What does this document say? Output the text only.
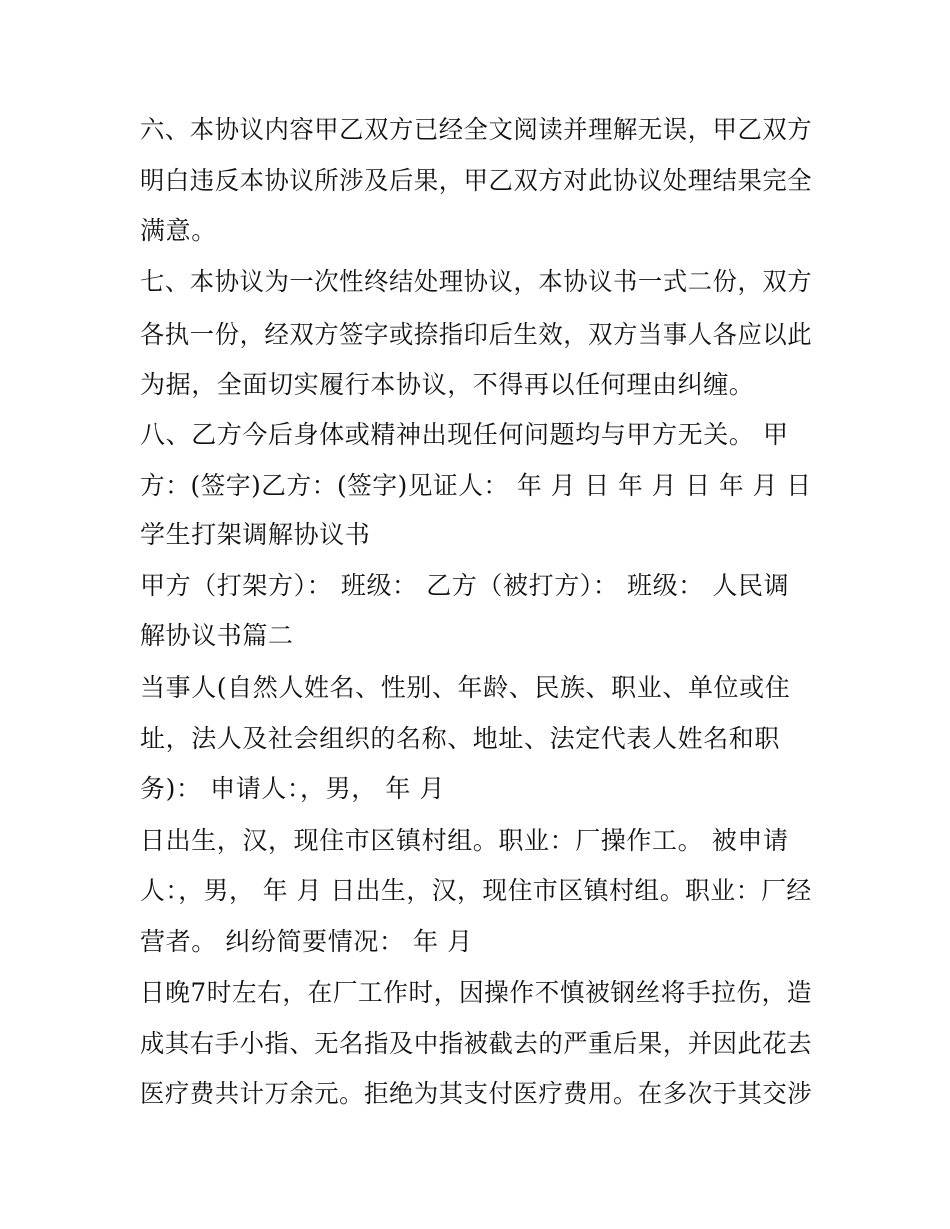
六、本协议内容甲乙双方已经全文阅读并理解无误，甲乙双方
明白违反本协议所涉及后果，甲乙双方对此协议处理结果完全
满意。
七、本协议为一次性终结处理协议，本协议书一式二份，双方
各执一份，经双方签字或捺指印后生效，双方当事人各应以此
为据，全面切实履行本协议，不得再以任何理由纠缠。
八、乙方今后身体或精神出现任何问题均与甲方无关。 甲
方：(签字)乙方：(签字)见证人： 年 月 日 年 月 日 年 月 日
学生打架调解协议书
甲方（打架方）： 班级： 乙方（被打方）： 班级： 人民调
解协议书篇二
当事人(自然人姓名、性别、年龄、民族、职业、单位或住
址，法人及社会组织的名称、地址、法定代表人姓名和职
务)： 申请人：，男， 年 月
日出生，汉，现住市区镇村组。职业：厂操作工。 被申请
人：，男， 年 月 日出生，汉，现住市区镇村组。职业：厂经
营者。 纠纷简要情况： 年 月
日晚7时左右，在厂工作时，因操作不慎被钢丝将手拉伤，造
成其右手小指、无名指及中指被截去的严重后果，并因此花去
医疗费共计万余元。拒绝为其支付医疗费用。在多次于其交涉
